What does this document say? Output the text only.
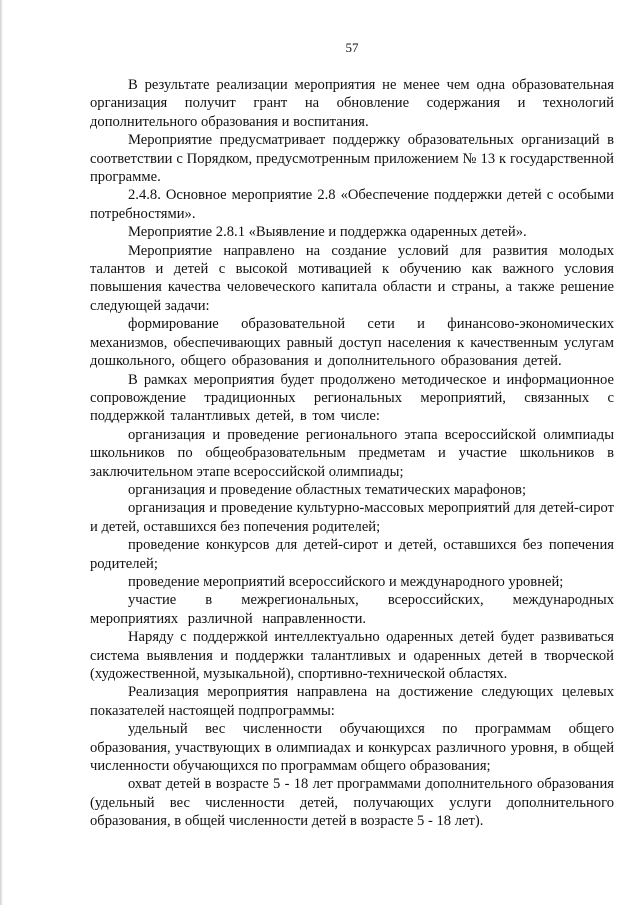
57

В результате реализации мероприятия не менее чем одна образовательная организация получит грант на обновление содержания и технологий дополнительного образования и воспитания.

Мероприятие предусматривает поддержку образовательных организаций в соответствии с Порядком, предусмотренным приложением № 13 к государственной программе.

2.4.8. Основное мероприятие 2.8 «Обеспечение поддержки детей с особыми потребностями».

Мероприятие 2.8.1 «Выявление и поддержка одаренных детей».

Мероприятие направлено на создание условий для развития молодых талантов и детей с высокой мотивацией к обучению как важного условия повышения качества человеческого капитала области и страны, а также решение следующей задачи:

формирование образовательной сети и финансово-экономических механизмов, обеспечивающих равный доступ населения к качественным услугам дошкольного, общего образования и дополнительного образования детей.

В рамках мероприятия будет продолжено методическое и информационное сопровождение традиционных региональных мероприятий, связанных с поддержкой талантливых детей, в том числе:

организация и проведение регионального этапа всероссийской олимпиады школьников по общеобразовательным предметам и участие школьников в заключительном этапе всероссийской олимпиады;

организация и проведение областных тематических марафонов;

организация и проведение культурно-массовых мероприятий для детей-сирот и детей, оставшихся без попечения родителей;

проведение конкурсов для детей-сирот и детей, оставшихся без попечения родителей;

проведение мероприятий всероссийского и международного уровней;

участие в межрегиональных, всероссийских, международных мероприятиях различной направленности.

Наряду с поддержкой интеллектуально одаренных детей будет развиваться система выявления и поддержки талантливых и одаренных детей в творческой (художественной, музыкальной), спортивно-технической областях.

Реализация мероприятия направлена на достижение следующих целевых показателей настоящей подпрограммы:

удельный вес численности обучающихся по программам общего образования, участвующих в олимпиадах и конкурсах различного уровня, в общей численности обучающихся по программам общего образования;

охват детей в возрасте 5 - 18 лет программами дополнительного образования (удельный вес численности детей, получающих услуги дополнительного образования, в общей численности детей в возрасте 5 - 18 лет).
